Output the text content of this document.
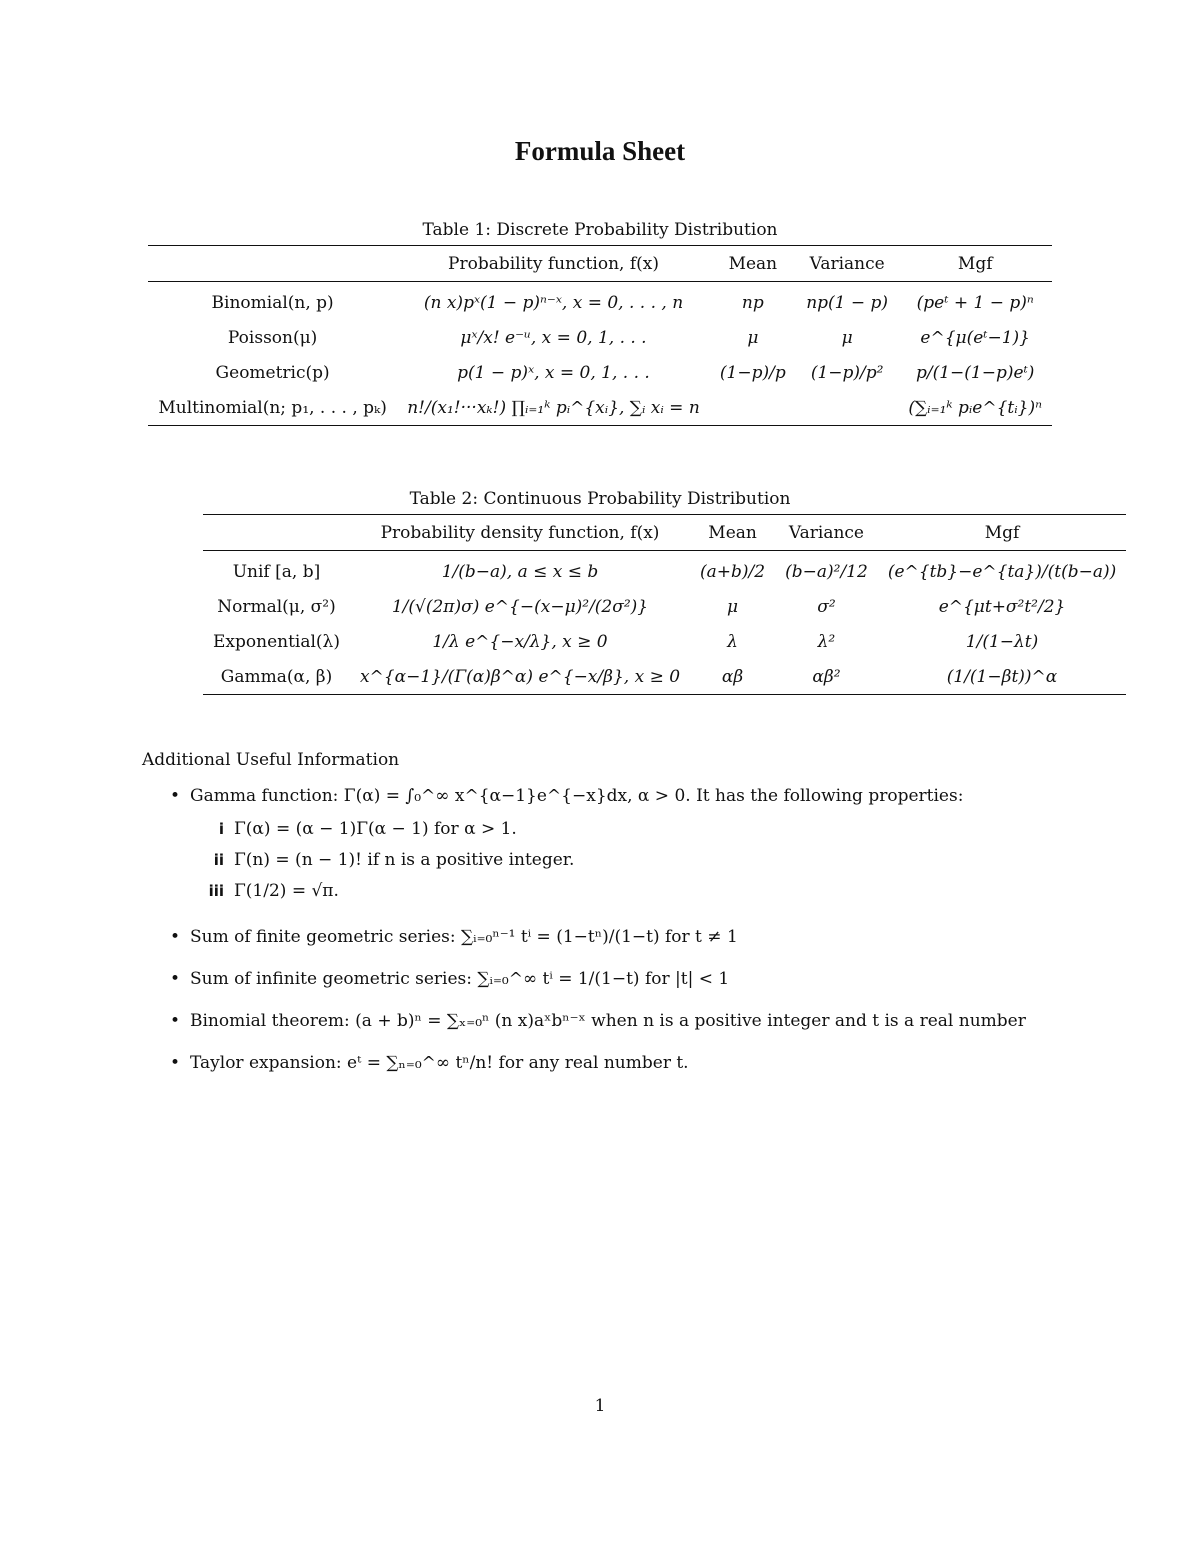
Formula Sheet
Table 1: Discrete Probability Distribution
	Probability function, f(x)	Mean	Variance	Mgf
Binomial(n, p)	(n x)pˣ(1 − p)ⁿ⁻ˣ, x = 0, . . . , n	np	np(1 − p)	(peᵗ + 1 − p)ⁿ
Poisson(μ)	μˣ/x! e⁻ᵘ, x = 0, 1, . . .	μ	μ	e^{μ(eᵗ−1)}
Geometric(p)	p(1 − p)ˣ, x = 0, 1, . . .	(1−p)/p	(1−p)/p²	p/(1−(1−p)eᵗ)
Multinomial(n; p₁, . . . , pₖ)	n!/(x₁!···xₖ!) ∏ᵢ₌₁ᵏ pᵢ^{xᵢ}, ∑ᵢ xᵢ = n			(∑ᵢ₌₁ᵏ pᵢe^{tᵢ})ⁿ
Table 2: Continuous Probability Distribution
	Probability density function, f(x)	Mean	Variance	Mgf
Unif [a, b]	1/(b−a), a ≤ x ≤ b	(a+b)/2	(b−a)²/12	(e^{tb}−e^{ta})/(t(b−a))
Normal(μ, σ²)	1/(√(2π)σ) e^{−(x−μ)²/(2σ²)}	μ	σ²	e^{μt+σ²t²/2}
Exponential(λ)	1/λ e^{−x/λ}, x ≥ 0	λ	λ²	1/(1−λt)
Gamma(α, β)	x^{α−1}/(Γ(α)β^α) e^{−x/β}, x ≥ 0	αβ	αβ²	(1/(1−βt))^α
Additional Useful Information
• Gamma function: Γ(α) = ∫₀^∞ x^{α−1}e^{−x}dx, α > 0. It has the following properties:
i Γ(α) = (α − 1)Γ(α − 1) for α > 1.
ii Γ(n) = (n − 1)! if n is a positive integer.
iii Γ(1/2) = √π.
• Sum of finite geometric series: ∑ᵢ₌₀ⁿ⁻¹ tⁱ = (1−tⁿ)/(1−t) for t ≠ 1
• Sum of infinite geometric series: ∑ᵢ₌₀^∞ tⁱ = 1/(1−t) for |t| < 1
• Binomial theorem: (a + b)ⁿ = ∑ₓ₌₀ⁿ (n x)aˣbⁿ⁻ˣ when n is a positive integer and t is a real number
• Taylor expansion: eᵗ = ∑ₙ₌₀^∞ tⁿ/n! for any real number t.
1
